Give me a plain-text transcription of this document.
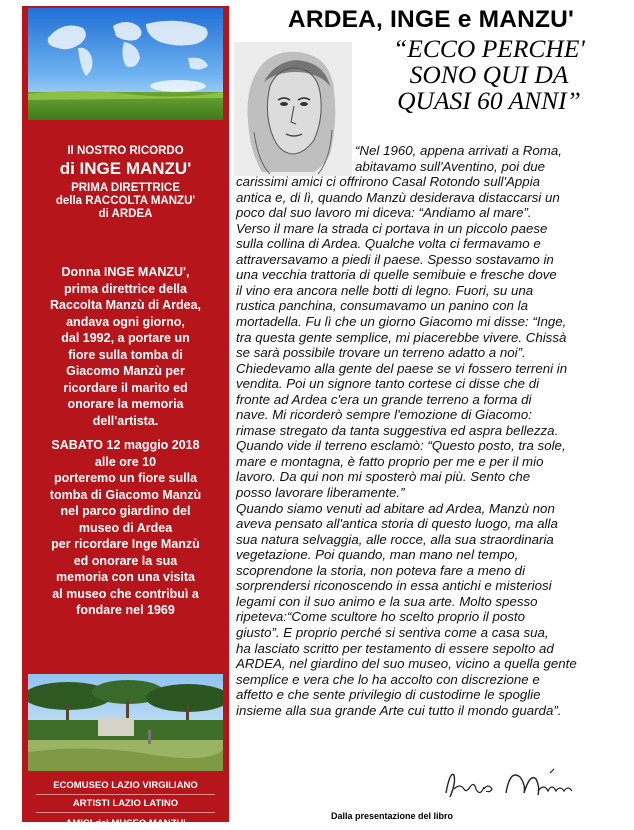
Il NOSTRO RICORDO
di INGE MANZU'
PRIMA DIRETTRICE
della RACCOLTA MANZU'
di ARDEA
Donna INGE MANZU',
prima direttrice della
Raccolta Manzù di Ardea,
andava ogni giorno,
dal 1992, a portare un
fiore sulla tomba di
Giacomo Manzù per
ricordare il marito ed
onorare la memoria
dell'artista.
SABATO 12 maggio 2018
alle ore 10
porteremo un fiore sulla
tomba di Giacomo Manzù
nel parco giardino del
museo di Ardea
per ricordare Inge Manzù
ed onorare la sua
memoria con una visita
al museo che contribuì a
fondare nel 1969
ECOMUSEO LAZIO VIRGILIANO
ARTISTI LAZIO LATINO
AMICI del MUSEO MANZU'
ARDEA, INGE e MANZU'
“ECCO PERCHE'
SONO QUI DA
QUASI 60 ANNI”
“Nel 1960, appena arrivati a Roma,
abitavamo sull'Aventino, poi due
carissimi amici ci offrirono Casal Rotondo sull'Appia
antica e, di lì, quando Manzù desiderava distaccarsi un
poco dal suo lavoro mi diceva: “Andiamo al mare”.
Verso il mare la strada ci portava in un piccolo paese
sulla collina di Ardea. Qualche volta ci fermavamo e
attraversavamo a piedi il paese. Spesso sostavamo in
una vecchia trattoria di quelle semibuie e fresche dove
il vino era ancora nelle botti di legno. Fuori, su una
rustica panchina, consumavamo un panino con la
mortadella. Fu lì che un giorno Giacomo mi disse: “Inge,
tra questa gente semplice, mi piacerebbe vivere. Chissà
se sarà possibile trovare un terreno adatto a noi”.
Chiedevamo alla gente del paese se vi fossero terreni in
vendita. Poi un signore tanto cortese ci disse che di
fronte ad Ardea c'era un grande terreno a forma di
nave. Mi ricorderò sempre l'emozione di Giacomo:
rimase stregato da tanta suggestiva ed aspra bellezza.
Quando vide il terreno esclamò: “Questo posto, tra sole,
mare e montagna, è fatto proprio per me e per il mio
lavoro. Da qui non mi sposterò mai più. Sento che
posso lavorare liberamente.”
Quando siamo venuti ad abitare ad Ardea, Manzù non
aveva pensato all'antica storia di questo luogo, ma alla
sua natura selvaggia, alle rocce, alla sua straordinaria
vegetazione. Poi quando, man mano nel tempo,
scoprendone la storia, non poteva fare a meno di
sorprendersi riconoscendo in essa antichi e misteriosi
legami con il suo animo e la sua arte. Molto spesso
ripeteva:“Come scultore ho scelto proprio il posto
giusto”. E proprio perché si sentiva come a casa sua,
ha lasciato scritto per testamento di essere sepolto ad
ARDEA, nel giardino del suo museo, vicino a quella gente
semplice e vera che lo ha accolto con discrezione e
affetto e che sente privilegio di custodirne le spoglie
insieme alla sua grande Arte cui tutto il mondo guarda”.
Dalla presentazione del libro
